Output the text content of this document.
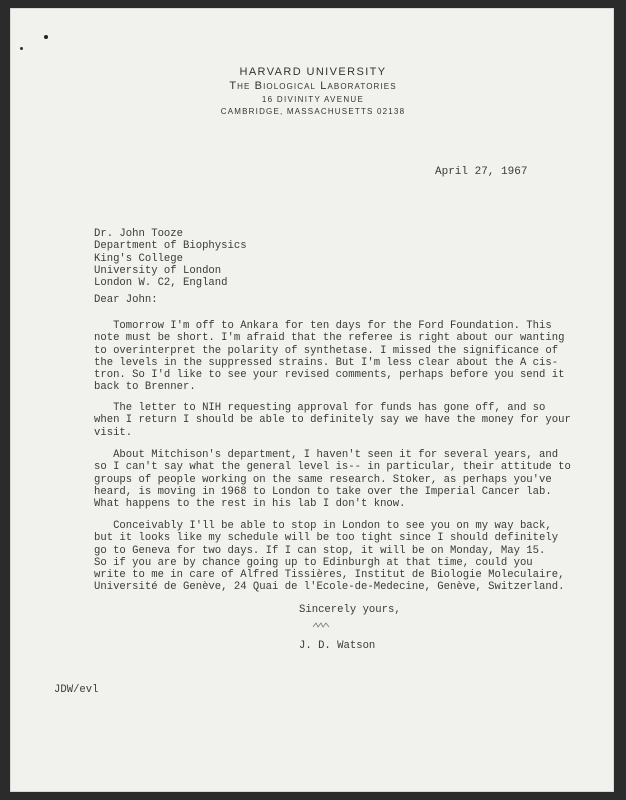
HARVARD UNIVERSITY
The Biological Laboratories
16 DIVINITY AVENUE
CAMBRIDGE, MASSACHUSETTS 02138
April 27, 1967
Dr. John Tooze
Department of Biophysics
King's College
University of London
London W. C2, England
Dear John:
Tomorrow I'm off to Ankara for ten days for the Ford Foundation. This
note must be short. I'm afraid that the referee is right about our wanting
to overinterpret the polarity of synthetase. I missed the significance of
the levels in the suppressed strains. But I'm less clear about the A cis-
tron. So I'd like to see your revised comments, perhaps before you send it
back to Brenner.
The letter to NIH requesting approval for funds has gone off, and so
when I return I should be able to definitely say we have the money for your
visit.
About Mitchison's department, I haven't seen it for several years, and
so I can't say what the general level is-- in particular, their attitude to
groups of people working on the same research. Stoker, as perhaps you've
heard, is moving in 1968 to London to take over the Imperial Cancer lab.
What happens to the rest in his lab I don't know.
Conceivably I'll be able to stop in London to see you on my way back,
but it looks like my schedule will be too tight since I should definitely
go to Geneva for two days. If I can stop, it will be on Monday, May 15.
So if you are by chance going up to Edinburgh at that time, could you
write to me in care of Alfred Tissières, Institut de Biologie Moleculaire,
Université de Genève, 24 Quai de l'Ecole-de-Medecine, Genève, Switzerland.
Sincerely yours,
J. D. Watson
JDW/evl
